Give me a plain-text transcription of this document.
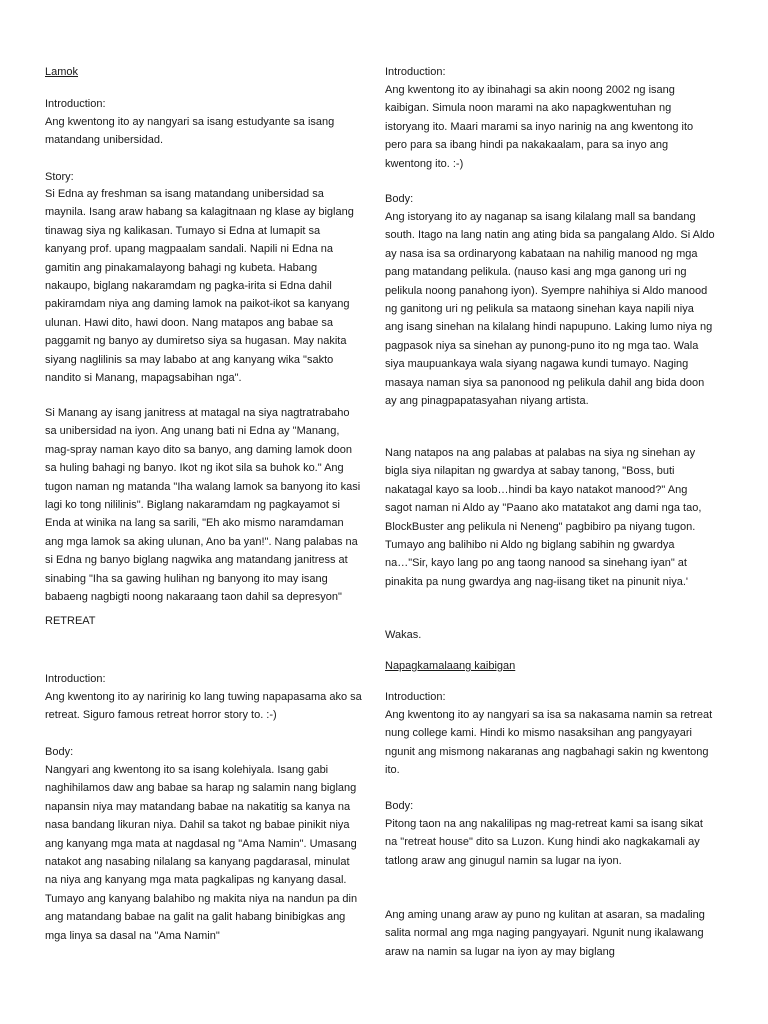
Lamok

Introduction:

Ang kwentong ito ay nangyari sa isang estudyante sa isang matandang unibersidad.

Story:

Si Edna ay freshman sa isang matandang unibersidad sa maynila. Isang araw habang sa kalagitnaan ng klase ay biglang tinawag siya ng kalikasan. Tumayo si Edna at lumapit sa kanyang prof. upang magpaalam sandali. Napili ni Edna na gamitin ang pinakamalayong bahagi ng kubeta. Habang nakaupo, biglang nakaramdam ng pagka-irita si Edna dahil pakiramdam niya ang daming lamok na paikot-ikot sa kanyang ulunan. Hawi dito, hawi doon. Nang matapos ang babae sa paggamit ng banyo ay dumiretso siya sa hugasan. May nakita siyang naglilinis sa may lababo at ang kanyang wika "sakto nandito si Manang, mapagsabihan nga".

Si Manang ay isang janitress at matagal na siya nagtratrabaho sa unibersidad na iyon. Ang unang bati ni Edna ay "Manang, mag-spray naman kayo dito sa banyo, ang daming lamok doon sa huling bahagi ng banyo. Ikot ng ikot sila sa buhok ko." Ang tugon naman ng matanda "Iha walang lamok sa banyong ito kasi lagi ko tong nililinis". Biglang nakaramdam ng pagkayamot si Enda at winika na lang sa sarili, "Eh ako mismo naramdaman ang mga lamok sa aking ulunan, Ano ba yan!". Nang palabas na si Edna ng banyo biglang nagwika ang matandang janitress at sinabing "Iha sa gawing hulihan ng banyong ito may isang babaeng nagbigti noong nakaraang taon dahil sa depresyon"

RETREAT

Introduction:

Ang kwentong ito ay naririnig ko lang tuwing napapasama ako sa retreat. Siguro famous retreat horror story to. :-)

Body:

Nangyari ang kwentong ito sa isang kolehiyala. Isang gabi naghihilamos daw ang babae sa harap ng salamin nang biglang napansin niya may matandang babae na nakatitig sa kanya na nasa bandang likuran niya. Dahil sa takot ng babae pinikit niya ang kanyang mga mata at nagdasal ng "Ama Namin". Umasang natakot ang nasabing nilalang sa kanyang pagdarasal, minulat na niya ang kanyang mga mata pagkalipas ng kanyang dasal. Tumayo ang kanyang balahibo ng makita niya na nandun pa din ang matandang babae na galit na galit habang binibigkas ang mga linya sa dasal na "Ama Namin"

Introduction:

Ang kwentong ito ay ibinahagi sa akin noong 2002 ng isang kaibigan. Simula noon marami na ako napagkwentuhan ng istoryang ito. Maari marami sa inyo narinig na ang kwentong ito pero para sa ibang hindi pa nakakaalam, para sa inyo ang kwentong ito. :-)

Body:

Ang istoryang ito ay naganap sa isang kilalang mall sa bandang south. Itago na lang natin ang ating bida sa pangalang Aldo. Si Aldo ay nasa isa sa ordinaryong kabataan na nahilig manood ng mga pang matandang pelikula. (nauso kasi ang mga ganong uri ng pelikula noong panahong iyon). Syempre nahihiya si Aldo manood ng ganitong uri ng pelikula sa mataong sinehan kaya napili niya ang isang sinehan na kilalang hindi napupuno. Laking lumo niya ng pagpasok niya sa sinehan ay punong-puno ito ng mga tao. Wala siya maupuankaya wala siyang nagawa kundi tumayo. Naging masaya naman siya sa panonood ng pelikula dahil ang bida doon ay ang pinagpapatasyahan niyang artista.

Nang natapos na ang palabas at palabas na siya ng sinehan ay bigla siya nilapitan ng gwardya at sabay tanong, "Boss, buti nakatagal kayo sa loob…hindi ba kayo natakot manood?" Ang sagot naman ni Aldo ay "Paano ako matatakot ang dami nga tao, BlockBuster ang pelikula ni Neneng" pagbibiro pa niyang tugon. Tumayo ang balihibo ni Aldo ng biglang sabihin ng gwardya na…"Sir, kayo lang po ang taong nanood sa sinehang iyan" at pinakita pa nung gwardya ang nag-iisang tiket na pinunit niya.'

Wakas.

Napagkamalaang kaibigan

Introduction:

Ang kwentong ito ay nangyari sa isa sa nakasama namin sa retreat nung college kami. Hindi ko mismo nasaksihan ang pangyayari ngunit ang mismong nakaranas ang nagbahagi sakin ng kwentong ito.

Body:

Pitong taon na ang nakalilipas ng mag-retreat kami sa isang sikat na "retreat house" dito sa Luzon. Kung hindi ako nagkakamali ay tatlong araw ang ginugul namin sa lugar na iyon.

Ang aming unang araw ay puno ng kulitan at asaran, sa madaling salita normal ang mga naging pangyayari. Ngunit nung ikalawang araw na namin sa lugar na iyon ay may biglang
